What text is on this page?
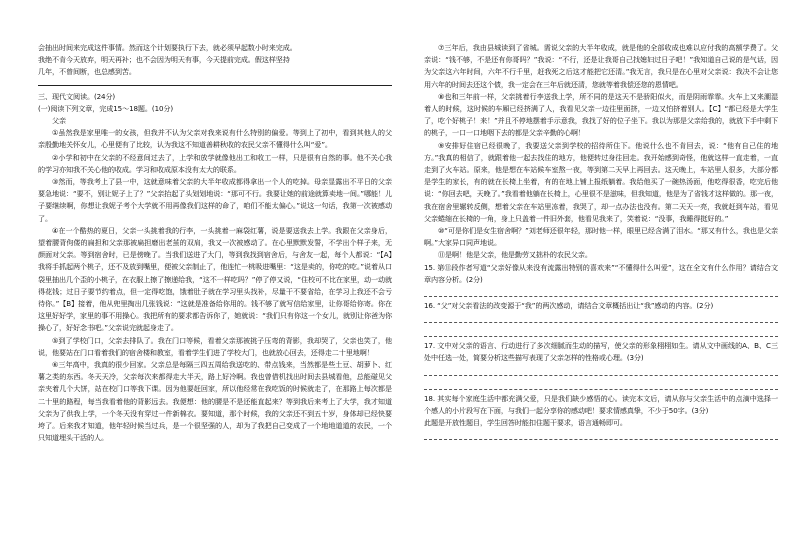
会抽出时间来完成这件事情。然而这个计划要执行下去，就必须早起数小时来完成。

我绝不肯今天放弃，明天再补；也不会因为明天有事，今天提前完成。假这样坚持

几年，不曾间断，也总感到苦。

三、现代文阅读。(24分)

(一)阅读下列文章，完成15～18题。(10分)

父亲

①虽然我是家里唯一的女孩，但我并不认为父亲对我来说有什么特别的偏爱。等到上了初中，看到其他人的父亲殷勤地关怀女儿，心里便有了比较，认为我这不知道善耕秋收的农民父亲不懂得什么叫“爱”。

②小学和初中在父亲的不经意间过去了，上学和放学就像他出工和收工一样，只是很有自然的事。他不关心我的学习亦知我不关心他的收成。学习和收成原本没有太大的联系。

③然而，等我考上了县一中，这就意味着父亲的大半年收成都得拿出一个人的吃掉。母亲显露出不平日的父亲要急地说：“要不，别让妮子上了？”父亲抬起了头划划地说：“那可不行。我要让她的前途就算卖地一间。”哪能！儿子要继续啊，你想让我妮子考个大学就不用再像我们这样的命了，咱们不能太偏心。”说这一句话，我第一次被感动了。

④在一个酷热的夏日，父亲一头挑着我的行李，一头挑着一麻袋红薯，说是要送我去上学。我跟在父亲身后，望着腰背佝偻的扁担和父亲那被扁担磨出老茧的双肩，我又一次被感动了。在心里默默发誓，不学出个样子来，无颜面对父亲。等到宿舍时，已是傍晚了。当我们送进了大门，等到我找到宿舍后，与舍友一起，每个人都说：“【A】我将手抓起两个桃子，还不及放到嘴里，便被父亲制止了，他连忙一桃吸进嘴里：“这是卖的，你吃的吃。”说着从口袋里抽出几个歪的小桃子，在衣服上擦了擦递给我，“这不一样吃吗？”停了停又说，“住校可不比在家里，动一动就得花钱；过日子要节约着点，但一定得吃饱，饿着肚子就在学习里头找补，尽量干不要省给，在学习上我还不会亏待你。”【B】接着，他从兜里掏出几张钱说：“这就是准备给你用的。钱不够了就写信给家里，让你哥给你寄。你在这里好好学，家里的事不用操心。我把所有的要求都告诉你了，她就说：“我们只有你这一个女儿，就别让你爸为你操心了，好好念书吧。”父亲说完就起身走了。

⑤到了学校门口，父亲去排队了。我在门口等候，看着父亲那被挑子压弯的背影，我却哭了，父亲也笑了，他说，他要站在门口看着我们的宿舍楼和教室，看着学生们进了学校大门，也就放心回去，还得走二十里地啊！

⑥三年高中，我真的很少回家。父亲总是每隔三四五周给我送吃的、带点钱来，当然都是些土豆、胡萝卜、红薯之类的东西。冬天天冷，父亲每次来都得走大半天，路上好冷啊。我也曾借机找出时间去县城看他，总能碰见父亲夹着几个大饼，站在校门口等我下课。因为他要赶回家，所以他经常在我吃饭的时候就走了，在那路上每次都是二十里的路程，每当我看着他的背影远去。我便想：他的腰是不是还能直起来？等到我后来考上了大学，我才知道父亲为了供我上学，一个冬天没有穿过一件新棉衣。要知道，那个时候，我的父亲还不到五十岁，身体却已经快要垮了。后来我才知道，他年轻时候当过兵，是一个很坚强的人，却为了我把自己变成了一个地地道道的农民，一个只知道埋头干活的人。

⑦三年后，我由县城读到了省城。需说父亲的大半年收成，就是他的全部收成也难以应付我的高额学费了。父亲说：“钱不够，不是还有你哥吗？”我说：“不行，还是让我哥自己找媳妇过日子吧！”我知道自己说的是气话，因为父亲这六年时间，六年不行千里，赶我死之后这才能把它还清。”我无言，我只是在心里对父亲说：我决不会让您用六年的时间去还这个债，我一定会在三年后就还清，您就等着我偿还您的恩情吧。

⑧也和三年前一样，父亲挑着行李送我上学，所不同的是这天不是骄阳似火，而是阴雨霏霏。火车上又来潮湿着人的时候，这时候的车厢已经挤满了人，我看见父亲一边往里面挤，一边又怕挤着别人。【C】“都已经是大学生了，吃个好桃子！来！”并且不停地摆着手示意我，我找了好的位子坐下。我以为那是父亲给我的，就放下手中剩下的桃子，一口一口地咽下去的都是父亲辛勤的心啊！

⑨安排好住宿已经很晚了，我要送父亲到学校的招待所住下。他说什么也不肯回去，说：“他有自己住的地方。”我真的相信了，就跟着他一起去找住的地方，他便转过身往回走。我开始感到奇怪，他就这样一直走着，一直走到了火车站。原来，他是想在车站候车室熬一夜，等到第二天早上再回去。这天晚上，车站里人很多，大部分都是学生的家长，有的就在长椅上坐着，有的在地上铺上报纸躺着。我给他买了一碗热汤面，他吃得很香，吃完后他说：“你回去吧，天晚了。”我看着他躺在长椅上，心里很不是滋味，但我知道，他是为了省钱才这样做的。那一夜，我在宿舍里辗转反侧，想着父亲在车站里冻着，我哭了，却一点办法也没有。第二天天一亮，我就赶到车站，看见父亲蜷缩在长椅的一角，身上只盖着一件旧外套，他看见我来了，笑着说：“没事，我睡得挺好的。”

⑩“可是你们是女生宿舍啊？”刘老师还很年轻，那时他一样，眼里已经含满了泪水。“那又有什么，我也是父亲啊。”大家异口同声地说。

⑪是啊！他是父亲，他是勤劳又拙朴的农民父亲。

15. 第⑪段作者写道“父亲好像从来没有流露出特别的喜欢来”“不懂得什么叫爱”，这在全文有什么作用？请结合文章内容分析。(2分)

16. “父”对父亲看法的改变源于“我”的两次感动，请结合文章概括出让“我”感动的内容。(2分)

17. 文中对父亲的语言、行动进行了多次细腻而生动的描写，使父亲的形象栩栩如生。请从文中画线的A、B、C三处中任选一处，简要分析这些描写表现了父亲怎样的性格或心理。(3分)

18. 其实每个家庭生活中都充满父爱，只是我们缺少感悟的心。读完本文后，请从你与父亲生活中的点滴中选择一个感人的小片段写在下面，与我们一起分享你的感动吧！要求情感真挚，不少于50字。(3分)

此题是开放性题目，学生回答时能扣住题干要求，语言通畅即可。
